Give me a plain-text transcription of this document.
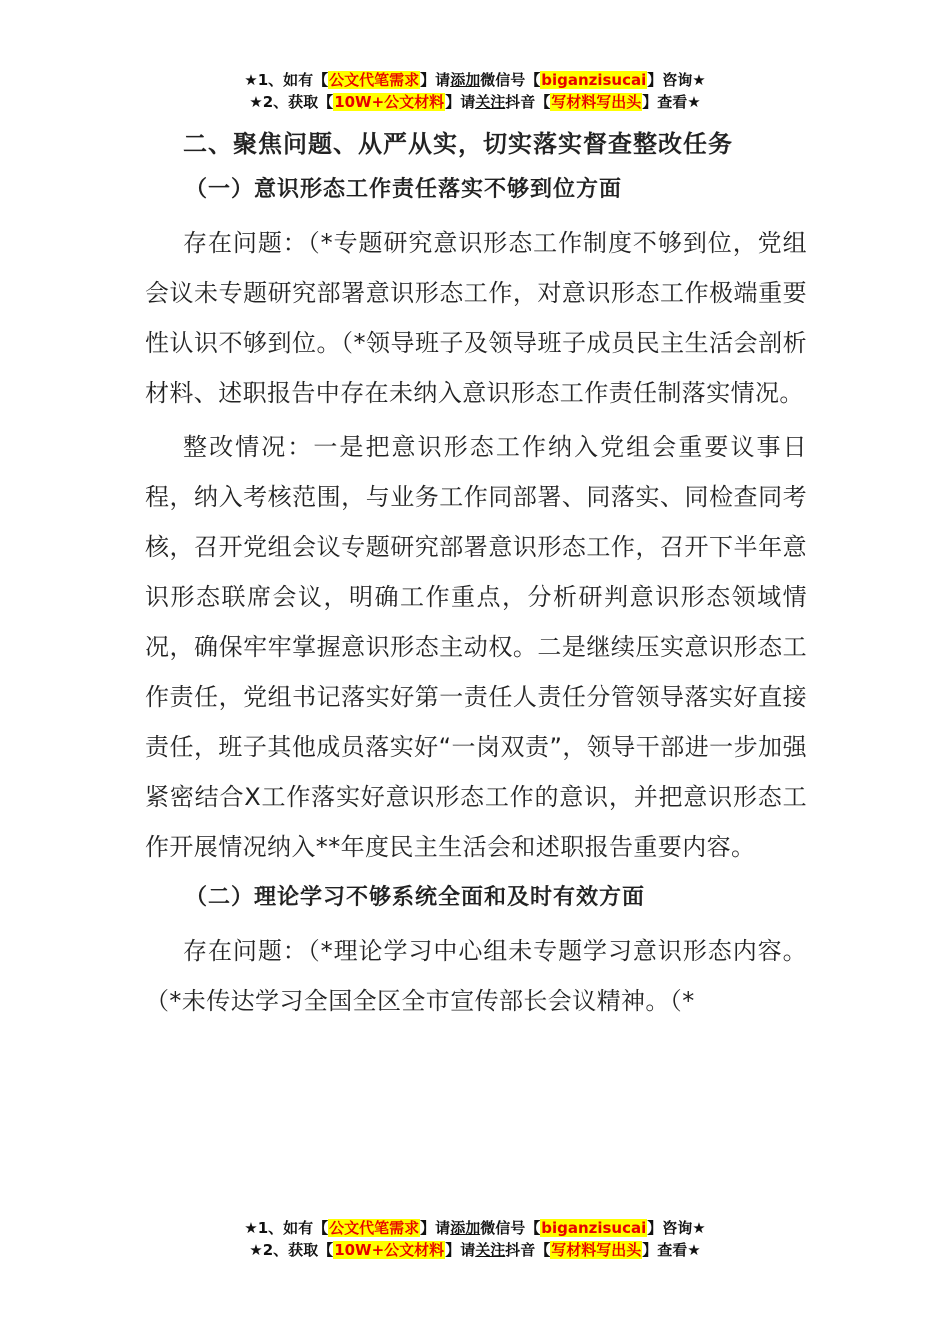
★1、如有【公文代笔需求】请添加微信号【biganzisucai】咨询★
★2、获取【10W+公文材料】请关注抖音【写材料写出头】查看★
二、聚焦问题、从严从实，切实落实督查整改任务
（一）意识形态工作责任落实不够到位方面

存在问题：（*专题研究意识形态工作制度不够到位，党组会议未专题研究部署意识形态工作，对意识形态工作极端重要性认识不够到位。（*领导班子及领导班子成员民主生活会剖析材料、述职报告中存在未纳入意识形态工作责任制落实情况。

整改情况：一是把意识形态工作纳入党组会重要议事日程，纳入考核范围，与业务工作同部署、同落实、同检查同考核，召开党组会议专题研究部署意识形态工作，召开下半年意识形态联席会议，明确工作重点，分析研判意识形态领域情况，确保牢牢掌握意识形态主动权。二是继续压实意识形态工作责任，党组书记落实好第一责任人责任分管领导落实好直接责任，班子其他成员落实好“一岗双责”，领导干部进一步加强紧密结合X工作落实好意识形态工作的意识，并把意识形态工作开展情况纳入**年度民主生活会和述职报告重要内容。

（二）理论学习不够系统全面和及时有效方面

存在问题：（*理论学习中心组未专题学习意识形态内容。（*未传达学习全国全区全市宣传部长会议精神。（*

★1、如有【公文代笔需求】请添加微信号【biganzisucai】咨询★
★2、获取【10W+公文材料】请关注抖音【写材料写出头】查看★
